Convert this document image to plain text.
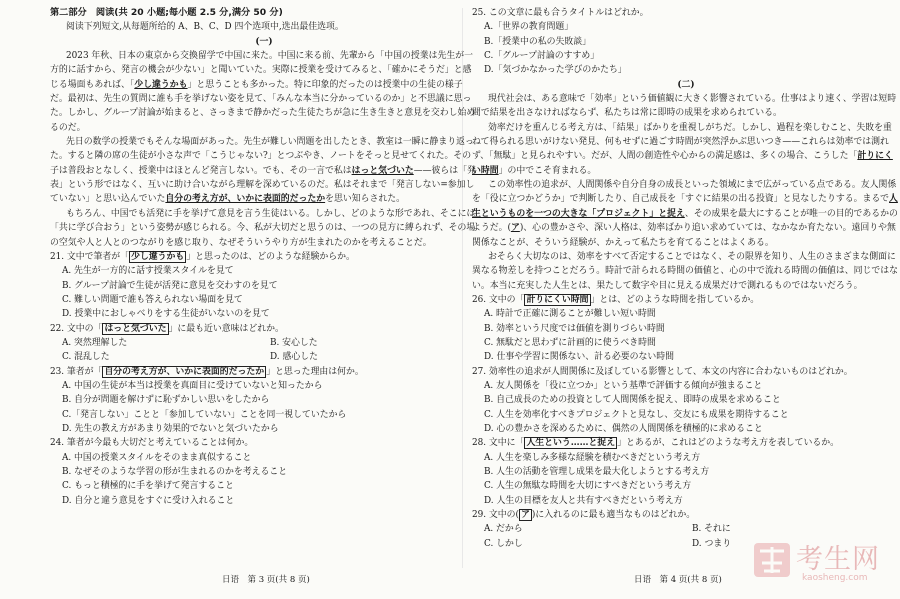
第二部分　阅读(共 20 小题;每小题 2.5 分,满分 50 分)

阅读下列短文,从每题所给的 A、B、C、D 四个选项中,选出最佳选项。

(一)

2023 年秋、日本の東京から交換留学で中国に来た。中国に来る前、先輩から「中国の授業は先生が一方的に話すから、発言の機会が少ない」と聞いていた。実際に授業を受けてみると、「確かにそうだ」と感じる場面もあれば、「少し違うかも」と思うことも多かった。特に印象的だったのは授業中の生徒の様子だ。最初は、先生の質問に誰も手を挙げない姿を見て、「みんな本当に分かっているのか」と不思議に思った。しかし、グループ討論が始まると、さっきまで静かだった生徒たちが急に生き生きと意見を交わし始めるのだ。

先日の数学の授業でもそんな場面があった。先生が難しい問題を出したとき、教室は一瞬に静まり返った。すると隣の席の生徒が小さな声で「こうじゃない?」とつぶやき、ノートをそっと見せてくれた。その子は普段おとなしく、授業中はほとんど発言しない。でも、その一言で私ははっと気づいた——彼らは「発表」という形ではなく、互いに助け合いながら理解を深めているのだ。私はそれまで「発言しない=参加していない」と思い込んでいた自分の考え方が、いかに表面的だったかを思い知らされた。

もちろん、中国でも活発に手を挙げて意見を言う生徒はいる。しかし、どのような形であれ、そこには「共に学び合おう」という姿勢が感じられる。今、私が大切だと思うのは、一つの見方に縛られず、その場の空気や人と人とのつながりを感じ取り、なぜそういうやり方が生まれたのかを考えることだ。

21. 文中で筆者が「 少し違うかも 」と思ったのは、どのような経験からか。

A. 先生が一方的に話す授業スタイルを見て

B. グループ討論で生徒が活発に意見を交わすのを見て

C. 難しい問題で誰も答えられない場面を見て

D. 授業中におしゃべりをする生徒がいないのを見て

22. 文中の「 はっと気づいた 」に最も近い意味はどれか。

A. 突然理解した	B. 安心した
C. 混乱した	D. 感心した

23. 筆者が「 自分の考え方が、いかに表面的だったか 」と思った理由は何か。

A. 中国の生徒が本当は授業を真面目に受けていないと知ったから

B. 自分が問題を解けずに恥ずかしい思いをしたから

C.「発言しない」ことと「参加していない」ことを同一視していたから

D. 先生の教え方があまり効果的でないと気づいたから

24. 筆者が今最も大切だと考えていることは何か。

A. 中国の授業スタイルをそのまま真似すること

B. なぜそのような学習の形が生まれるのかを考えること

C. もっと積極的に手を挙げて発言すること

D. 自分と違う意見をすぐに受け入れること

25. この文章に最も合うタイトルはどれか。

A.「世界の教育問題」

B.「授業中の私の失敗談」

C.「グループ討論のすすめ」

D.「気づかなかった学びのかたち」

(二)

現代社会は、ある意味で「効率」という価値観に大きく影響されている。仕事はより速く、学習は短時間で結果を出さなければならず、私たちは常に即時の成果を求められている。

効率だけを重んじる考え方は、「結果」ばかりを重視しがちだ。しかし、過程を楽しむこと、失敗を重ねて得られる思いがけない発見、何もせずに過ごす時間が突然浮かぶ思いつき——これらは効率では測れず、「無駄」と見られやすい。だが、人間の創造性や心からの満足感は、多くの場合、こうした「計りにくい時間」の中でこそ育まれる。

この効率性の追求が、人間関係や自分自身の成長といった領域にまで広がっている点である。友人関係を「役に立つかどうか」で判断したり、自己成長を「すぐに結果の出る投資」と見なしたりする。まるで人生というものを一つの大きな「プロジェクト」と捉え、その成果を最大にすることが唯一の目的であるかのようだ。(ア)、心の豊かさや、深い人格は、効率ばかり追い求めていては、なかなか育たない。遠回りや無関係なことが、そういう経験が、かえって私たちを育てることはよくある。

おそらく大切なのは、効率をすべて否定することではなく、その限界を知り、人生のさまざまな側面に異なる物差しを持つことだろう。時計で計られる時間の価値と、心の中で流れる時間の価値は、同じではない。本当に充実した人生とは、果たして数字や目に見える成果だけで測れるものではないだろう。

26. 文中の「 計りにくい時間 」とは、どのような時間を指しているか。

A. 時計で正確に測ることが難しい短い時間

B. 効率という尺度では価値を測りづらい時間

C. 無駄だと思わずに計画的に使うべき時間

D. 仕事や学習に関係ない、計る必要のない時間

27. 効率性の追求が人間関係に及ぼしている影響として、本文の内容に合わないものはどれか。

A. 友人関係を「役に立つか」という基準で評価する傾向が強まること

B. 自己成長のための投資として人間関係を捉え、即時の成果を求めること

C. 人生を効率化すべきプロジェクトと見なし、交友にも成果を期待すること

D. 心の豊かさを深めるために、偶然の人間関係を積極的に求めること

28. 文中に「 人生という……と捉え 」とあるが、これはどのような考え方を表しているか。

A. 人生を楽しみ多様な経験を積むべきだという考え方

B. 人生の活動を管理し成果を最大化しようとする考え方

C. 人生の無駄な時間を大切にすべきだという考え方

D. 人生の目標を友人と共有すべきだという考え方

29. 文中の( ア )に入れるのに最も適当なものはどれか。

A. だから	B. それに
C. しかし	D. つまり
日语　第 3 页(共 8 页)	日语　第 4 页(共 8 页)
考生网
kaosheng.com
